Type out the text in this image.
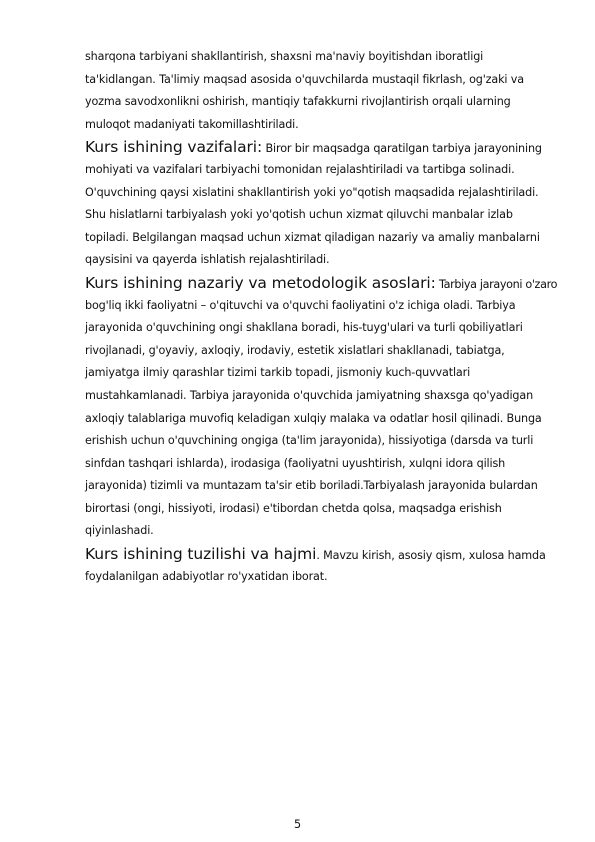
sharqona tarbiyani shakllantirish, shaxsni ma'naviy boyitishdan iboratligi
ta'kidlangan. Ta'limiy maqsad asosida o'quvchilarda mustaqil fikrlash, og'zaki va
yozma savodxonlikni oshirish, mantiqiy tafakkurni rivojlantirish orqali ularning
muloqot madaniyati takomillashtiriladi.
Kurs ishining vazifalari: Biror bir maqsadga qaratilgan tarbiya jarayonining
mohiyati va vazifalari tarbiyachi tomonidan rejalashtiriladi va tartibga solinadi.
O'quvchining qaysi xislatini shakllantirish yoki yo"qotish maqsadida rejalashtiriladi.
Shu hislatlarni tarbiyalash yoki yo'qotish uchun xizmat qiluvchi manbalar izlab
topiladi. Belgilangan maqsad uchun xizmat qiladigan nazariy va amaliy manbalarni
qaysisini va qayerda ishlatish rejalashtiriladi.
Kurs ishining nazariy va metodologik asoslari: Tarbiya jarayoni o'zaro
bog'liq ikki faoliyatni – o'qituvchi va o'quvchi faoliyatini o'z ichiga oladi. Tarbiya
jarayonida o'quvchining ongi shakllana boradi, his-tuyg'ulari va turli qobiliyatlari
rivojlanadi, g'oyaviy, axloqiy, irodaviy, estetik xislatlari shakllanadi, tabiatga,
jamiyatga ilmiy qarashlar tizimi tarkib topadi, jismoniy kuch-quvvatlari
mustahkamlanadi. Tarbiya jarayonida o'quvchida jamiyatning shaxsga qo'yadigan
axloqiy talablariga muvofiq keladigan xulqiy malaka va odatlar hosil qilinadi. Bunga
erishish uchun o'quvchining ongiga (ta'lim jarayonida), hissiyotiga (darsda va turli
sinfdan tashqari ishlarda), irodasiga (faoliyatni uyushtirish, xulqni idora qilish
jarayonida) tizimli va muntazam ta'sir etib boriladi.Tarbiyalash jarayonida bulardan
birortasi (ongi, hissiyoti, irodasi) e'tibordan chetda qolsa, maqsadga erishish
qiyinlashadi.
Kurs ishining tuzilishi va hajmi. Mavzu kirish, asosiy qism, xulosa hamda
foydalanilgan adabiyotlar ro'yxatidan iborat.
5
